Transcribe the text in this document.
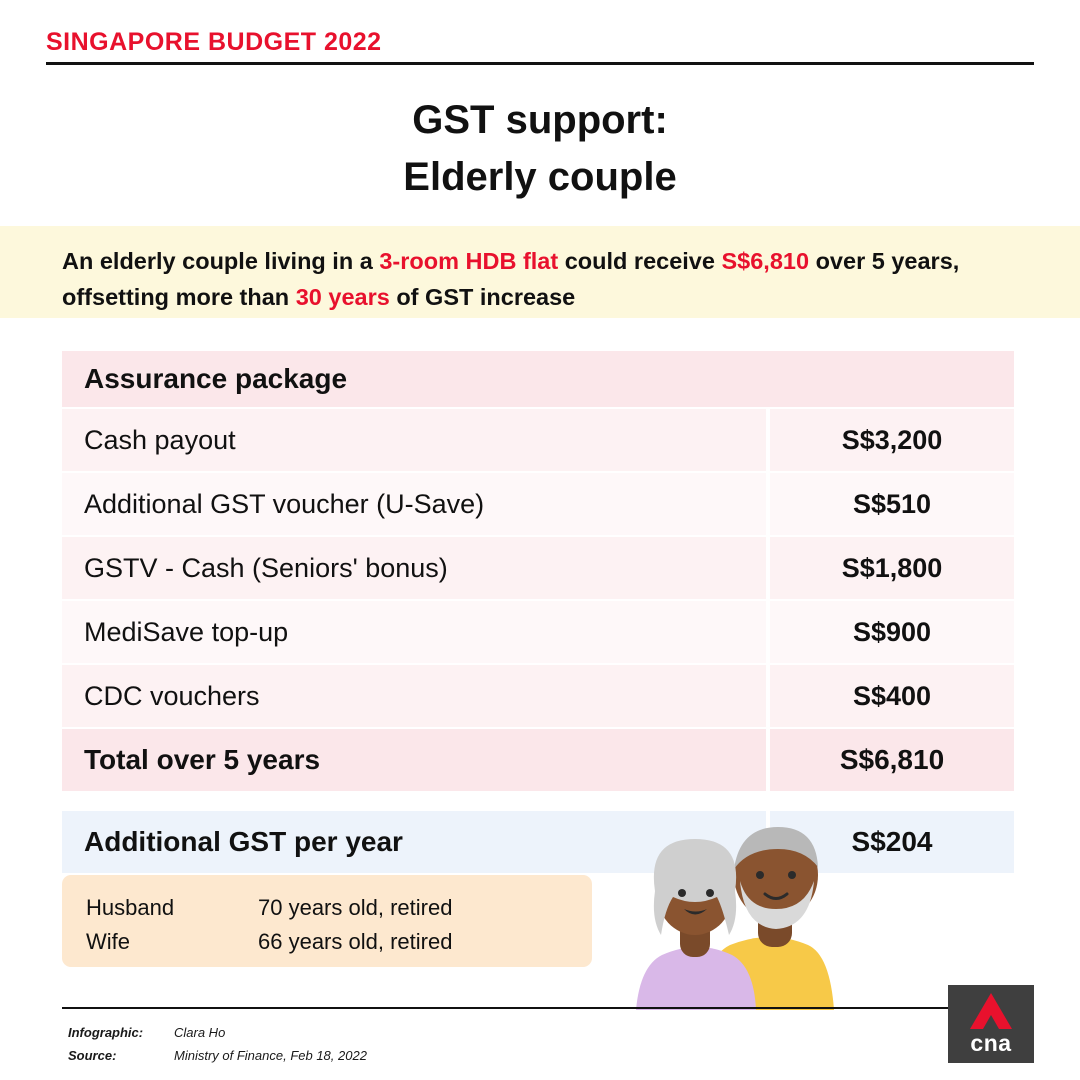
SINGAPORE BUDGET 2022
GST support:
Elderly couple
An elderly couple living in a 3-room HDB flat could receive S$6,810 over 5 years, offsetting more than 30 years of GST increase
Assurance package
Cash payout	S$3,200
Additional GST voucher (U-Save)	S$510
GSTV - Cash (Seniors' bonus)	S$1,800
MediSave top-up	S$900
CDC vouchers	S$400
Total over 5 years	S$6,810
Additional GST per year	S$204
Husband	70 years old, retired
Wife	66 years old, retired
Infographic: Clara Ho
Source:	Ministry of Finance, Feb 18, 2022	cna
